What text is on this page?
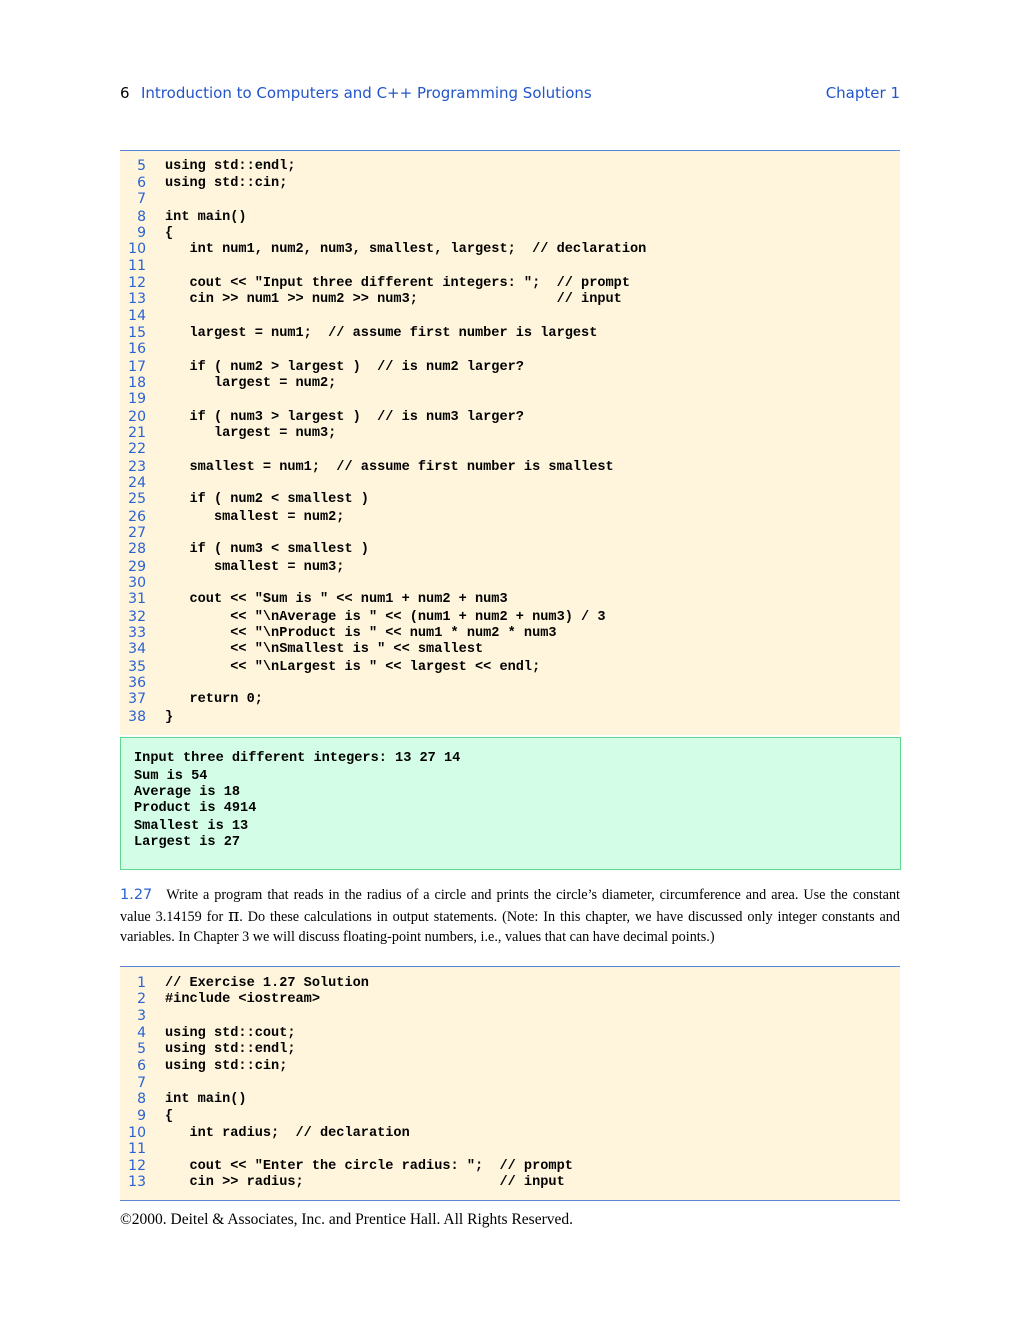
6 Introduction to Computers and C++ Programming Solutions	Chapter 1
5 using std::endl;
6 using std::cin;
7
8 int main()
9 {
10 int num1, num2, num3, smallest, largest;  // declaration
11
12 cout << "Input three different integers: ";  // prompt
13 cin >> num1 >> num2 >> num3;                 // input
14
15 largest = num1;  // assume first number is largest
16
17 if ( num2 > largest )  // is num2 larger?
18 largest = num2;
19
20 if ( num3 > largest )  // is num3 larger?
21 largest = num3;
22
23 smallest = num1;  // assume first number is smallest
24
25 if ( num2 < smallest )
26 smallest = num2;
27
28 if ( num3 < smallest )
29 smallest = num3;
30
31 cout << "Sum is " << num1 + num2 + num3
32 << "\nAverage is " << (num1 + num2 + num3) / 3
33 << "\nProduct is " << num1 * num2 * num3
34 << "\nSmallest is " << smallest
35 << "\nLargest is " << largest << endl;
36
37 return 0;
38 }
Input three different integers: 13 27 14
Sum is 54
Average is 18
Product is 4914
Smallest is 13
Largest is 27
1.27 Write a program that reads in the radius of a circle and prints the circle’s diameter, circumference and area. Use the constant value 3.14159 for π. Do these calculations in output statements. (Note: In this chapter, we have discussed only integer constants and variables. In Chapter 3 we will discuss floating-point numbers, i.e., values that can have decimal points.)
1 // Exercise 1.27 Solution
2 #include <iostream>
3
4 using std::cout;
5 using std::endl;
6 using std::cin;
7
8 int main()
9 {
10 int radius;  // declaration
11
12 cout << "Enter the circle radius: ";  // prompt
13 cin >> radius;                        // input
©2000. Deitel & Associates, Inc. and Prentice Hall. All Rights Reserved.
